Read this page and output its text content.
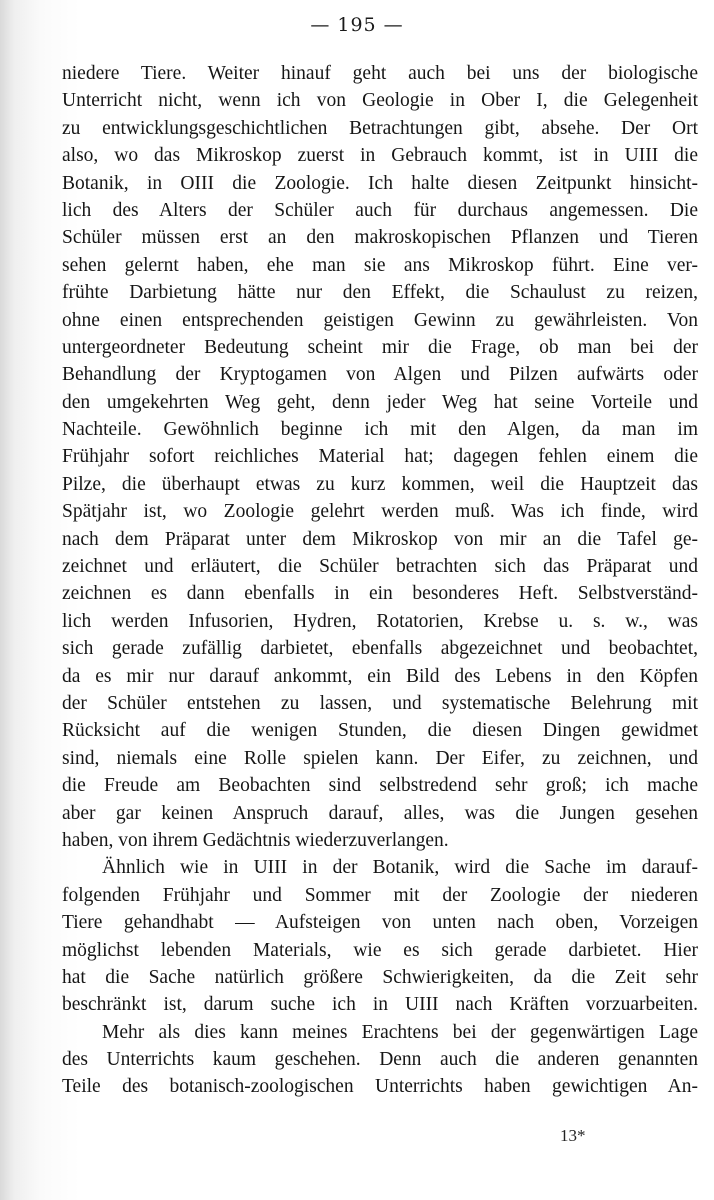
— 195 —
niedere Tiere. Weiter hinauf geht auch bei uns der biologische
Unterricht nicht, wenn ich von Geologie in Ober I, die Gelegenheit
zu entwicklungsgeschichtlichen Betrachtungen gibt, absehe. Der Ort
also, wo das Mikroskop zuerst in Gebrauch kommt, ist in UIII die
Botanik, in OIII die Zoologie. Ich halte diesen Zeitpunkt hinsicht-
lich des Alters der Schüler auch für durchaus angemessen. Die
Schüler müssen erst an den makroskopischen Pflanzen und Tieren
sehen gelernt haben, ehe man sie ans Mikroskop führt. Eine ver-
frühte Darbietung hätte nur den Effekt, die Schaulust zu reizen,
ohne einen entsprechenden geistigen Gewinn zu gewährleisten. Von
untergeordneter Bedeutung scheint mir die Frage, ob man bei der
Behandlung der Kryptogamen von Algen und Pilzen aufwärts oder
den umgekehrten Weg geht, denn jeder Weg hat seine Vorteile und
Nachteile. Gewöhnlich beginne ich mit den Algen, da man im
Frühjahr sofort reichliches Material hat; dagegen fehlen einem die
Pilze, die überhaupt etwas zu kurz kommen, weil die Hauptzeit das
Spätjahr ist, wo Zoologie gelehrt werden muß. Was ich finde, wird
nach dem Präparat unter dem Mikroskop von mir an die Tafel ge-
zeichnet und erläutert, die Schüler betrachten sich das Präparat und
zeichnen es dann ebenfalls in ein besonderes Heft. Selbstverständ-
lich werden Infusorien, Hydren, Rotatorien, Krebse u. s. w., was
sich gerade zufällig darbietet, ebenfalls abgezeichnet und beobachtet,
da es mir nur darauf ankommt, ein Bild des Lebens in den Köpfen
der Schüler entstehen zu lassen, und systematische Belehrung mit
Rücksicht auf die wenigen Stunden, die diesen Dingen gewidmet
sind, niemals eine Rolle spielen kann. Der Eifer, zu zeichnen, und
die Freude am Beobachten sind selbstredend sehr groß; ich mache
aber gar keinen Anspruch darauf, alles, was die Jungen gesehen
haben, von ihrem Gedächtnis wiederzuverlangen.
Ähnlich wie in UIII in der Botanik, wird die Sache im darauf-
folgenden Frühjahr und Sommer mit der Zoologie der niederen
Tiere gehandhabt — Aufsteigen von unten nach oben, Vorzeigen
möglichst lebenden Materials, wie es sich gerade darbietet. Hier
hat die Sache natürlich größere Schwierigkeiten, da die Zeit sehr
beschränkt ist, darum suche ich in UIII nach Kräften vorzuarbeiten.
Mehr als dies kann meines Erachtens bei der gegenwärtigen Lage
des Unterrichts kaum geschehen. Denn auch die anderen genannten
Teile des botanisch-zoologischen Unterrichts haben gewichtigen An-
13*
